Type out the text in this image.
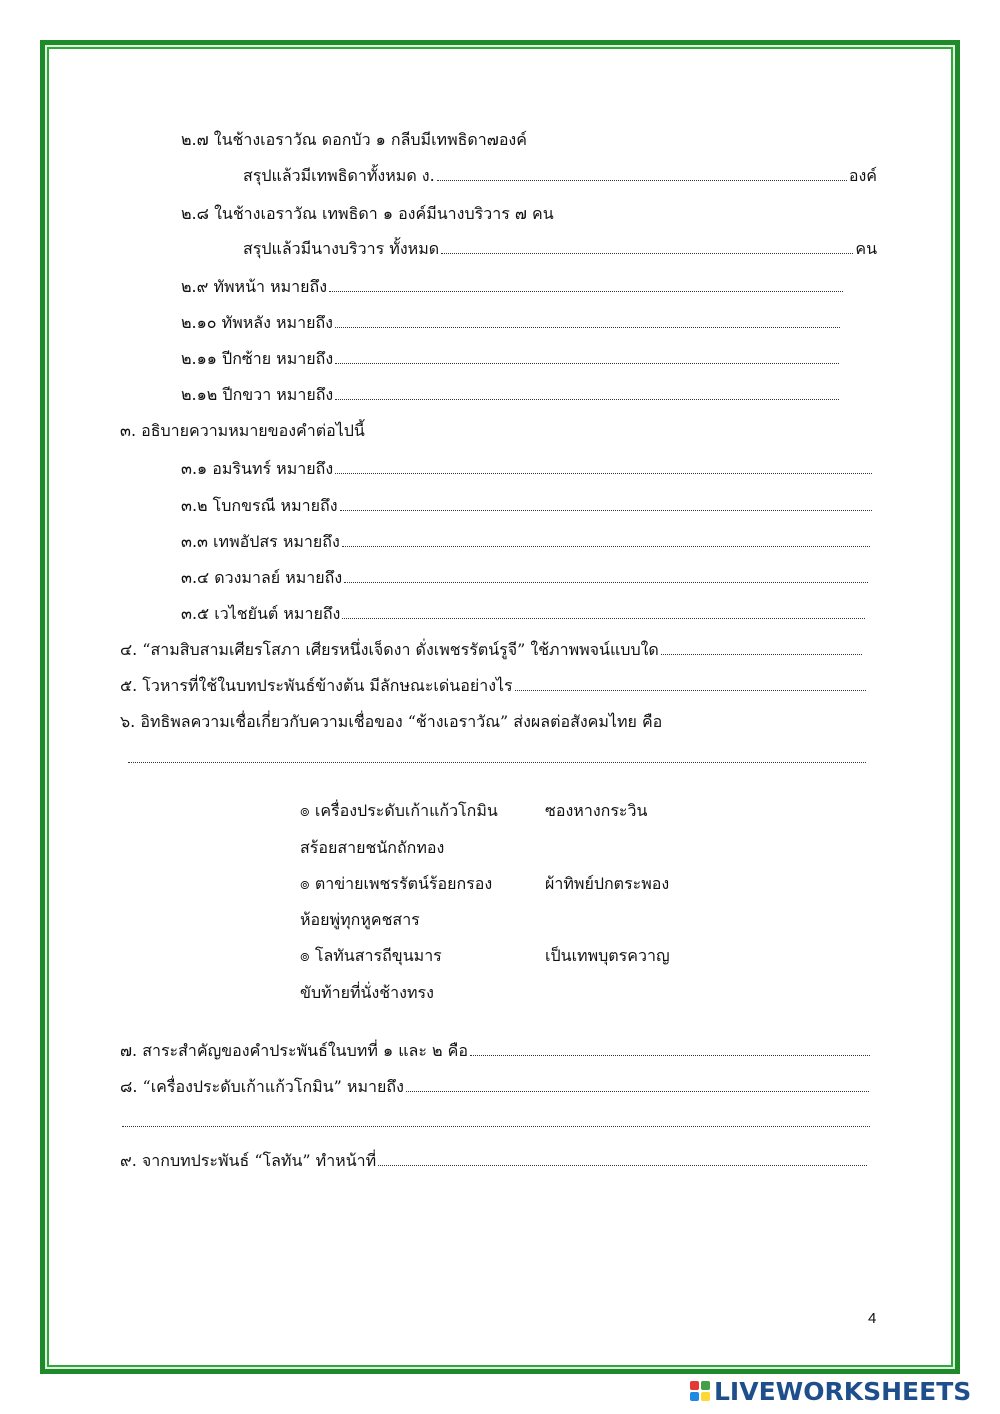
๒.๗ ในช้างเอราวัณ ดอกบัว ๑ กลีบมีเทพธิดา๗องค์
สรุปแล้วมีเทพธิดาทั้งหมด ง.	องค์
๒.๘ ในช้างเอราวัณ เทพธิดา ๑ องค์มีนางบริวาร ๗ คน
สรุปแล้วมีนางบริวาร ทั้งหมด	คน
๒.๙ ทัพหน้า หมายถึง
๒.๑๐ ทัพหลัง หมายถึง
๒.๑๑ ปีกซ้าย หมายถึง
๒.๑๒ ปีกขวา หมายถึง
๓. อธิบายความหมายของคำต่อไปนี้
๓.๑ อมรินทร์ หมายถึง
๓.๒ โบกขรณี หมายถึง
๓.๓ เทพอัปสร หมายถึง
๓.๔ ดวงมาลย์ หมายถึง
๓.๕ เวไชยันต์ หมายถึง
๔. “สามสิบสามเศียรโสภา เศียรหนึ่งเจ็ดงา ดั่งเพชรรัตน์รูจี” ใช้ภาพพจน์แบบใด
๕. โวหารที่ใช้ในบทประพันธ์ข้างต้น มีลักษณะเด่นอย่างไร
๖. อิทธิพลความเชื่อเกี่ยวกับความเชื่อของ “ช้างเอราวัณ” ส่งผลต่อสังคมไทย คือ
๏ เครื่องประดับเก้าแก้วโกมิน	ซองหางกระวิน
สร้อยสายชนักถักทอง
๏ ตาข่ายเพชรรัตน์ร้อยกรอง	ผ้าทิพย์ปกตระพอง
ห้อยพู่ทุกหูคชสาร
๏ โลทันสารถีขุนมาร	เป็นเทพบุตรควาญ
ขับท้ายที่นั่งช้างทรง
๗. สาระสำคัญของคำประพันธ์ในบทที่ ๑ และ ๒ คือ
๘. “เครื่องประดับเก้าแก้วโกมิน” หมายถึง
๙. จากบทประพันธ์ “โลทัน” ทำหน้าที่
4
LIVEWORKSHEETS
